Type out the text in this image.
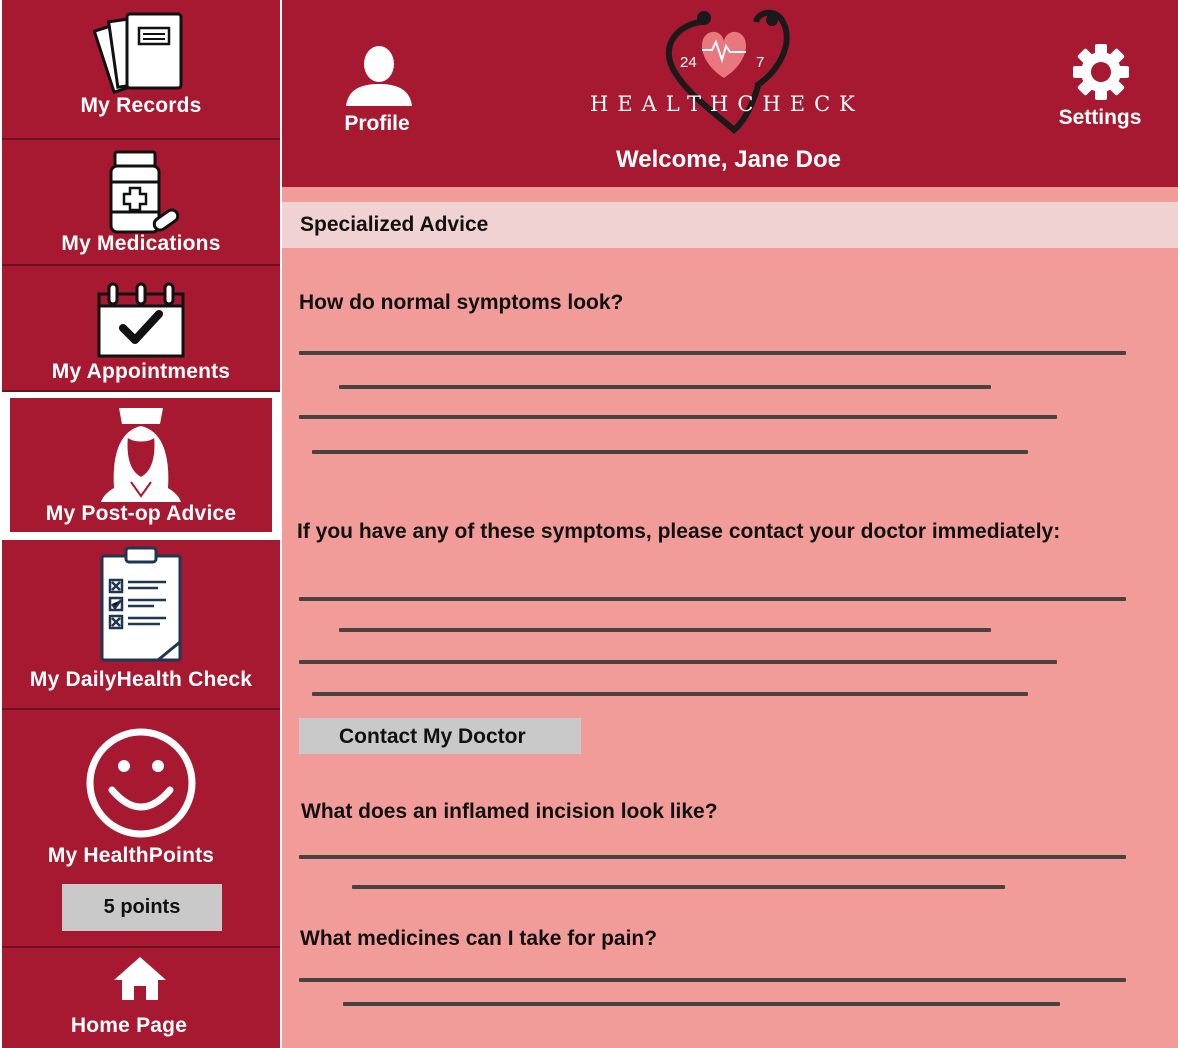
My Records
My Medications
My Appointments
My Post-op Advice
My DailyHealth Check
My HealthPoints
5 points
Home Page
Profile
24	7
HEALTHCHECK
Settings
Welcome, Jane Doe
Specialized Advice
How do normal symptoms look?
If you have any of these symptoms, please contact your doctor immediately:
Contact My Doctor
What does an inflamed incision look like?
What medicines can I take for pain?
